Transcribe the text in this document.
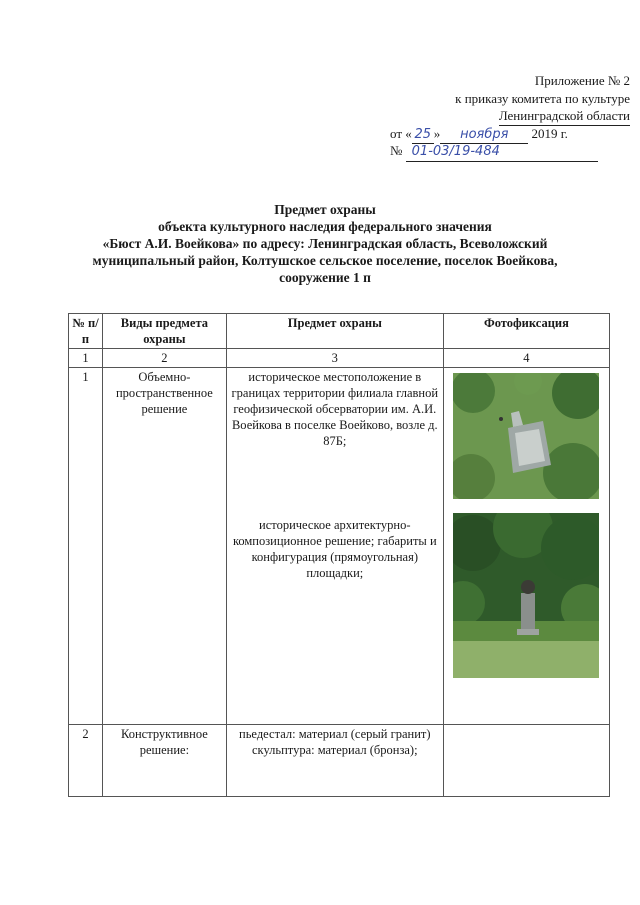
Приложение № 2
к приказу комитета по культуре
Ленинградской области
от « 25 » ноября 2019 г.
№ 01-03/19-484
Предмет охраны
объекта культурного наследия федерального значения
«Бюст А.И. Воейкова» по адресу: Ленинградская область, Всеволожский
муниципальный район, Колтушское сельское поселение, поселок Воейкова,
сооружение 1 п
№ п/п	Виды предмета охраны	Предмет охраны	Фотофиксация
1	2	3	4
1	Объемно-пространственное решение	историческое местоположение в границах территории филиала главной геофизической обсерватории им. А.И. Воейкова в поселке Воейково, возле д. 87Б;
историческое архитектурно-композиционное решение; габариты и конфигурация (прямоугольная) площадки;

2	Конструктивное решение:	пьедестал: материал (серый гранит) скульптура: материал (бронза);	
